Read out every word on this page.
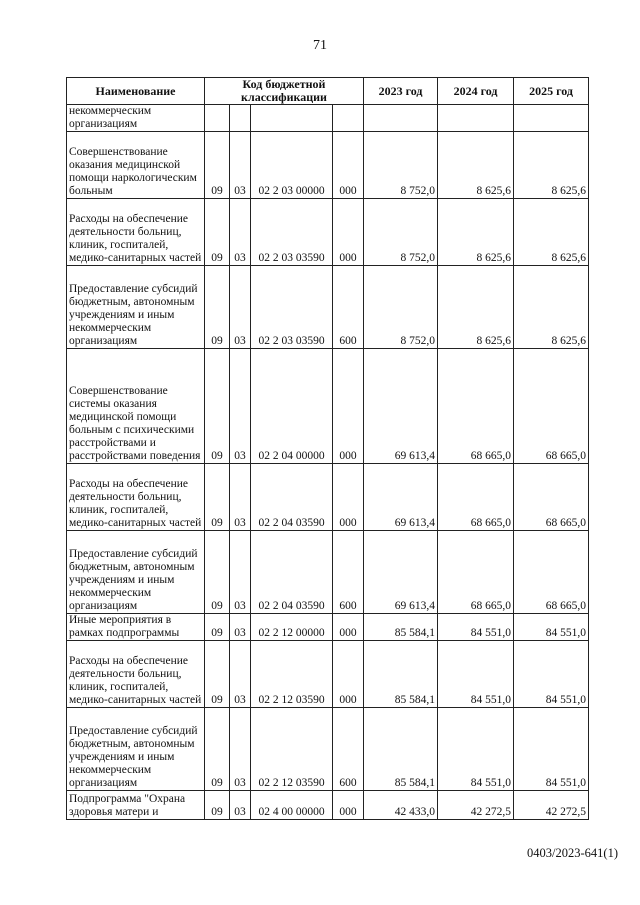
71
Наименование	Код бюджетной классификации				2023 год	2024 год	2025 год
некоммерческим организациям							
Совершенствование оказания медицинской помощи наркологическим больным	09	03	02 2 03 00000	000	8 752,0	8 625,6	8 625,6
Расходы на обеспечение деятельности больниц, клиник, госпиталей, медико-санитарных частей	09	03	02 2 03 03590	000	8 752,0	8 625,6	8 625,6
Предоставление субсидий бюджетным, автономным учреждениям и иным некоммерческим организациям	09	03	02 2 03 03590	600	8 752,0	8 625,6	8 625,6
Совершенствование системы оказания медицинской помощи больным с психическими расстройствами и расстройствами поведения	09	03	02 2 04 00000	000	69 613,4	68 665,0	68 665,0
Расходы на обеспечение деятельности больниц, клиник, госпиталей, медико-санитарных частей	09	03	02 2 04 03590	000	69 613,4	68 665,0	68 665,0
Предоставление субсидий бюджетным, автономным учреждениям и иным некоммерческим организациям	09	03	02 2 04 03590	600	69 613,4	68 665,0	68 665,0
Иные мероприятия в рамках подпрограммы	09	03	02 2 12 00000	000	85 584,1	84 551,0	84 551,0
Расходы на обеспечение деятельности больниц, клиник, госпиталей, медико-санитарных частей	09	03	02 2 12 03590	000	85 584,1	84 551,0	84 551,0
Предоставление субсидий бюджетным, автономным учреждениям и иным некоммерческим организациям	09	03	02 2 12 03590	600	85 584,1	84 551,0	84 551,0
Подпрограмма "Охрана здоровья матери и	09	03	02 4 00 00000	000	42 433,0	42 272,5	42 272,5
0403/2023-641(1)
